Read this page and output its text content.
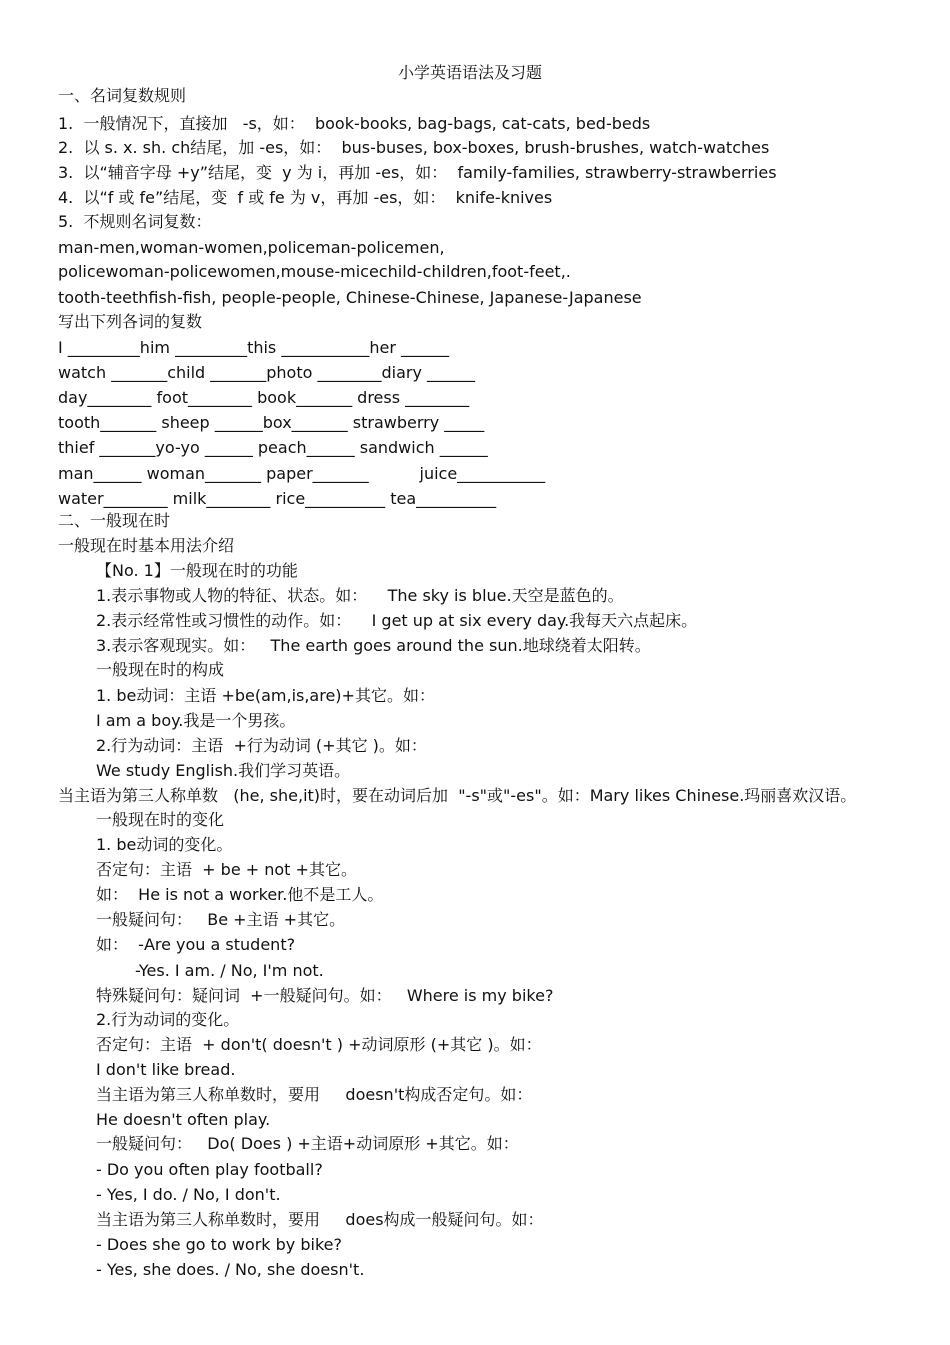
小学英语语法及习题
一、名词复数规则
1.  一般情况下，直接加   -s，如：  book-books, bag-bags, cat-cats, bed-beds
2.  以 s. x. sh. ch结尾，加 -es，如：  bus-buses, box-boxes, brush-brushes, watch-watches
3.  以“辅音字母 +y”结尾，变  y 为 i，再加 -es，如：  family-families, strawberry-strawberries
4.  以“f 或 fe”结尾，变  f 或 fe 为 v，再加 -es，如：  knife-knives
5.  不规则名词复数：
man-men,woman-women,policeman-policemen,
policewoman-policewomen,mouse-micechild-children,foot-feet,.
tooth-teethfish-fish, people-people, Chinese-Chinese, Japanese-Japanese
写出下列各词的复数
I _________him _________this ___________her ______
watch _______child _______photo ________diary ______
day________ foot________ book_______ dress ________
tooth_______ sheep ______box_______ strawberry _____
thief _______yo-yo ______ peach______ sandwich ______
man______ woman_______ paper_______          juice___________
water________ milk________ rice__________ tea__________
二、一般现在时
一般现在时基本用法介绍
【No. 1】一般现在时的功能
1.表示事物或人物的特征、状态。如：    The sky is blue.天空是蓝色的。
2.表示经常性或习惯性的动作。如：    I get up at six every day.我每天六点起床。
3.表示客观现实。如：   The earth goes around the sun.地球绕着太阳转。
一般现在时的构成
1. be动词：主语 +be(am,is,are)+其它。如：
I am a boy.我是一个男孩。
2.行为动词：主语  +行为动词 (+其它 )。如：
We study English.我们学习英语。
当主语为第三人称单数   (he, she,it)时，要在动词后加  "-s"或"-es"。如：Mary likes Chinese.玛丽喜欢汉语。
一般现在时的变化
1. be动词的变化。
否定句：主语  + be + not +其它。
如：  He is not a worker.他不是工人。
一般疑问句：   Be +主语 +其它。
如：  -Are you a student?
-Yes. I am. / No, I'm not.
特殊疑问句：疑问词  +一般疑问句。如：   Where is my bike?
2.行为动词的变化。
否定句：主语  + don't( doesn't ) +动词原形 (+其它 )。如：
I don't like bread.
当主语为第三人称单数时，要用     doesn't构成否定句。如：
He doesn't often play.
一般疑问句：   Do( Does ) +主语+动词原形 +其它。如：
- Do you often play football?
- Yes, I do. / No, I don't.
当主语为第三人称单数时，要用     does构成一般疑问句。如：
- Does she go to work by bike?
- Yes, she does. / No, she doesn't.
